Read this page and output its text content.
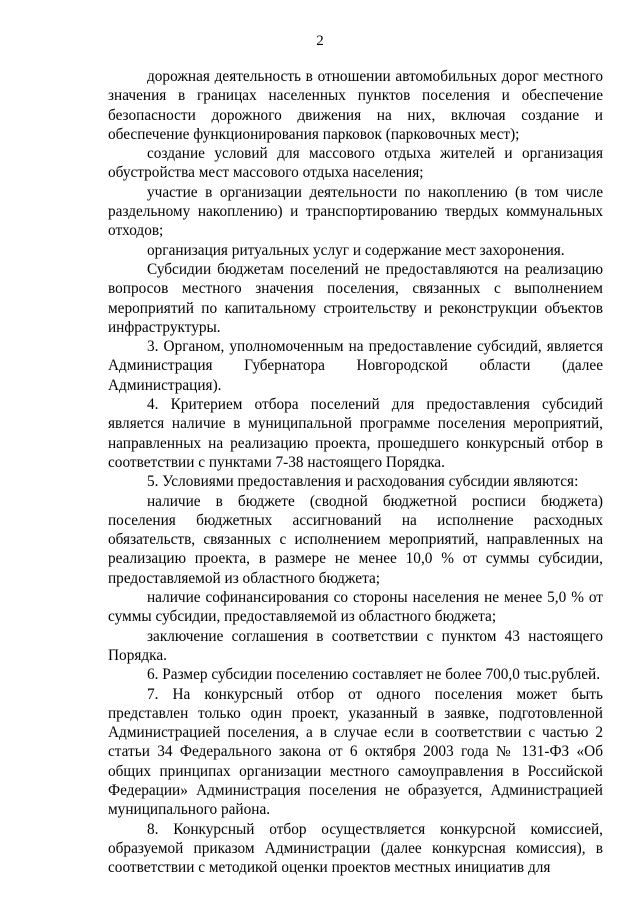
2

дорожная деятельность в отношении автомобильных дорог местного значения в границах населенных пунктов поселения и обеспечение безопасности дорожного движения на них, включая создание и обеспечение функционирования парковок (парковочных мест);

создание условий для массового отдыха жителей и организация обустройства мест массового отдыха населения;

участие в организации деятельности по накоплению (в том числе раздельному накоплению) и транспортированию твердых коммунальных отходов;

организация ритуальных услуг и содержание мест захоронения.

Субсидии бюджетам поселений не предоставляются на реализацию вопросов местного значения поселения, связанных с выполнением мероприятий по капитальному строительству и реконструкции объектов инфраструктуры.

3. Органом, уполномоченным на предоставление субсидий, является Администрация Губернатора Новгородской области (далее Администрация).

4. Критерием отбора поселений для предоставления субсидий является наличие в муниципальной программе поселения мероприятий, направленных на реализацию проекта, прошедшего конкурсный отбор в соответствии с пунктами 7-38 настоящего Порядка.

5. Условиями предоставления и расходования субсидии являются:

наличие в бюджете (сводной бюджетной росписи бюджета) поселения бюджетных ассигнований на исполнение расходных обязательств, связанных с исполнением мероприятий, направленных на реализацию проекта, в размере не менее 10,0 % от суммы субсидии, предоставляемой из областного бюджета;

наличие софинансирования со стороны населения не менее 5,0 % от суммы субсидии, предоставляемой из областного бюджета;

заключение соглашения в соответствии с пунктом 43 настоящего Порядка.

6. Размер субсидии поселению составляет не более 700,0 тыс.рублей.

7. На конкурсный отбор от одного поселения может быть представлен только один проект, указанный в заявке, подготовленной Администрацией поселения, а в случае если в соответствии с частью 2 статьи 34 Федерального закона от 6 октября 2003 года № 131-ФЗ «Об общих принципах организации местного самоуправления в Российской Федерации» Администрация поселения не образуется, Администрацией муниципального района.

8. Конкурсный отбор осуществляется конкурсной комиссией, образуемой приказом Администрации (далее конкурсная комиссия), в соответствии с методикой оценки проектов местных инициатив для
